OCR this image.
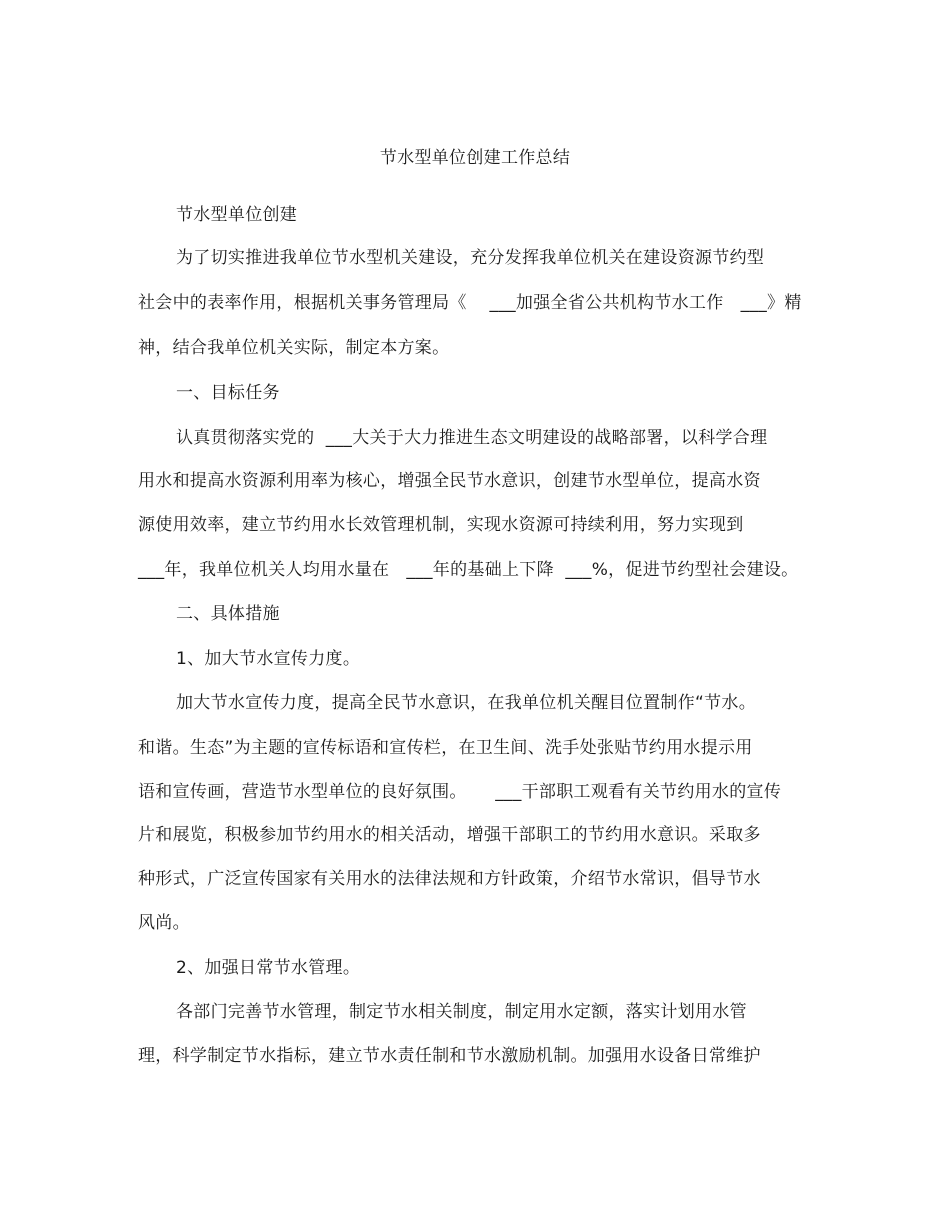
节水型单位创建工作总结
节水型单位创建
为了切实推进我单位节水型机关建设，充分发挥我单位机关在建设资源节约型
社会中的表率作用，根据机关事务管理局《    ___加强全省公共机构节水工作   ___》精
神，结合我单位机关实际，制定本方案。
一、目标任务
认真贯彻落实党的  ___大关于大力推进生态文明建设的战略部署，以科学合理
用水和提高水资源利用率为核心，增强全民节水意识，创建节水型单位，提高水资
源使用效率，建立节约用水长效管理机制，实现水资源可持续利用，努力实现到
___年，我单位机关人均用水量在   ___年的基础上下降  ___%，促进节约型社会建设。
二、具体措施
1、加大节水宣传力度。
加大节水宣传力度，提高全民节水意识，在我单位机关醒目位置制作“节水。
和谐。生态”为主题的宣传标语和宣传栏，在卫生间、洗手处张贴节约用水提示用
语和宣传画，营造节水型单位的良好氛围。     ___干部职工观看有关节约用水的宣传
片和展览，积极参加节约用水的相关活动，增强干部职工的节约用水意识。采取多
种形式，广泛宣传国家有关用水的法律法规和方针政策，介绍节水常识，倡导节水
风尚。
2、加强日常节水管理。
各部门完善节水管理，制定节水相关制度，制定用水定额，落实计划用水管
理，科学制定节水指标，建立节水责任制和节水激励机制。加强用水设备日常维护
